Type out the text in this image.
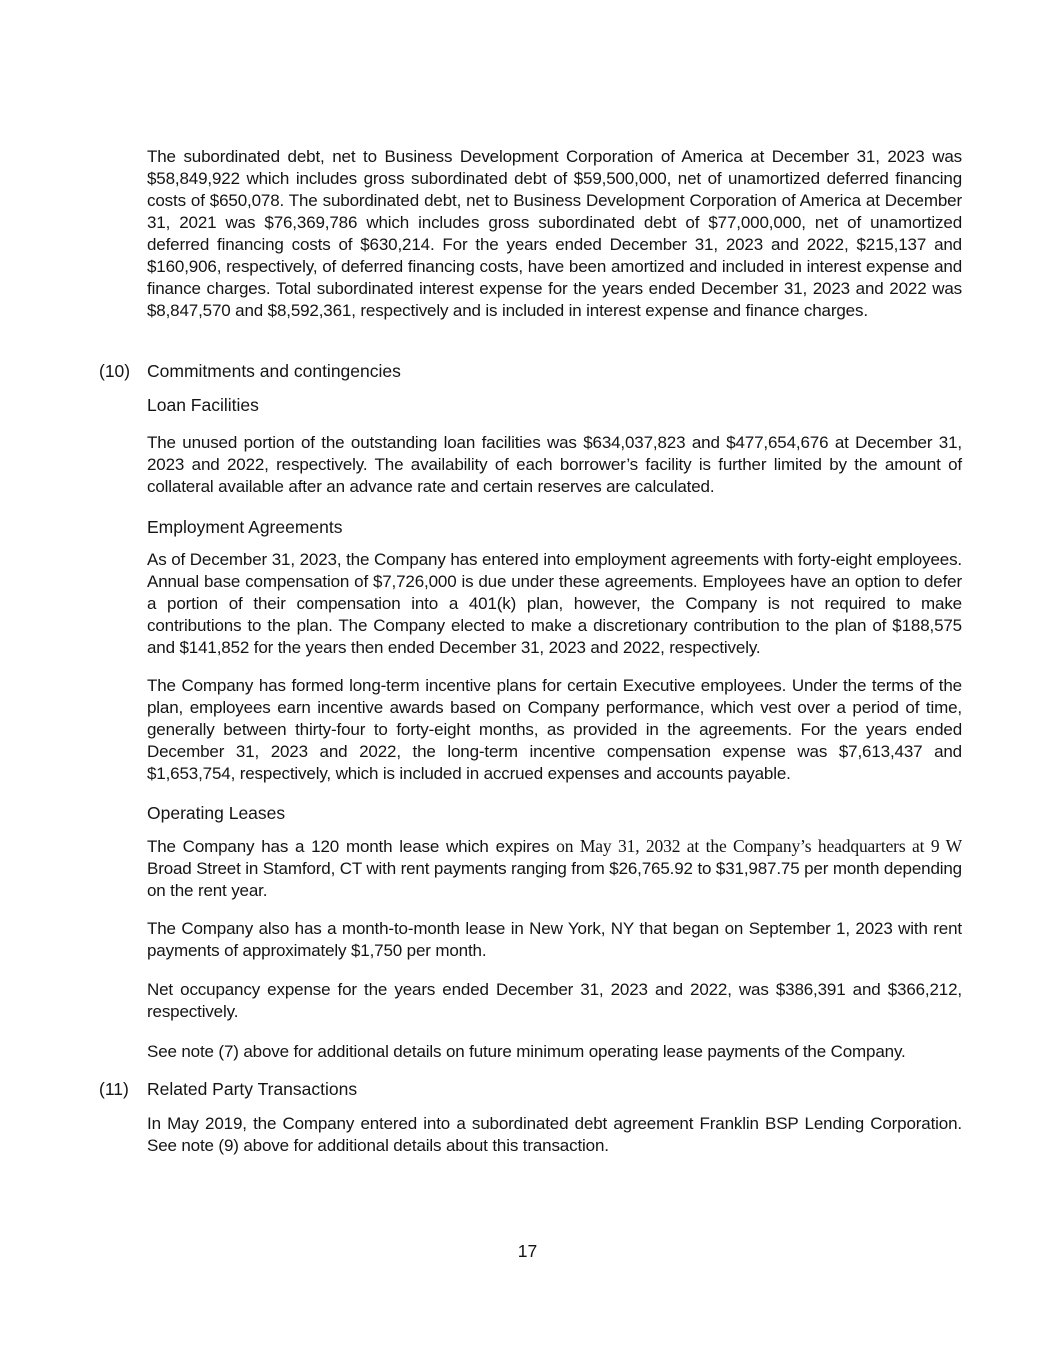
The subordinated debt, net to Business Development Corporation of America at December 31, 2023 was $58,849,922 which includes gross subordinated debt of $59,500,000, net of unamortized deferred financing costs of $650,078. The subordinated debt, net to Business Development Corporation of America at December 31, 2021 was $76,369,786 which includes gross subordinated debt of $77,000,000, net of unamortized deferred financing costs of $630,214. For the years ended December 31, 2023 and 2022, $215,137 and $160,906, respectively, of deferred financing costs, have been amortized and included in interest expense and finance charges. Total subordinated interest expense for the years ended December 31, 2023 and 2022 was $8,847,570 and $8,592,361, respectively and is included in interest expense and finance charges.

(10) Commitments and contingencies
Loan Facilities

The unused portion of the outstanding loan facilities was $634,037,823 and $477,654,676 at December 31, 2023 and 2022, respectively. The availability of each borrower’s facility is further limited by the amount of collateral available after an advance rate and certain reserves are calculated.

Employment Agreements

As of December 31, 2023, the Company has entered into employment agreements with forty-eight employees. Annual base compensation of $7,726,000 is due under these agreements. Employees have an option to defer a portion of their compensation into a 401(k) plan, however, the Company is not required to make contributions to the plan. The Company elected to make a discretionary contribution to the plan of $188,575 and $141,852 for the years then ended December 31, 2023 and 2022, respectively.

The Company has formed long-term incentive plans for certain Executive employees. Under the terms of the plan, employees earn incentive awards based on Company performance, which vest over a period of time, generally between thirty-four to forty-eight months, as provided in the agreements. For the years ended December 31, 2023 and 2022, the long-term incentive compensation expense was $7,613,437 and $1,653,754, respectively, which is included in accrued expenses and accounts payable.

Operating Leases

The Company has a 120 month lease which expires on May 31, 2032 at the Company’s headquarters at 9 W Broad Street in Stamford, CT with rent payments ranging from $26,765.92 to $31,987.75 per month depending on the rent year.

The Company also has a month-to-month lease in New York, NY that began on September 1, 2023 with rent payments of approximately $1,750 per month.

Net occupancy expense for the years ended December 31, 2023 and 2022, was $386,391 and $366,212, respectively.

See note (7) above for additional details on future minimum operating lease payments of the Company.

(11)	Related Party Transactions

In May 2019, the Company entered into a subordinated debt agreement Franklin BSP Lending Corporation. See note (9) above for additional details about this transaction.

17
